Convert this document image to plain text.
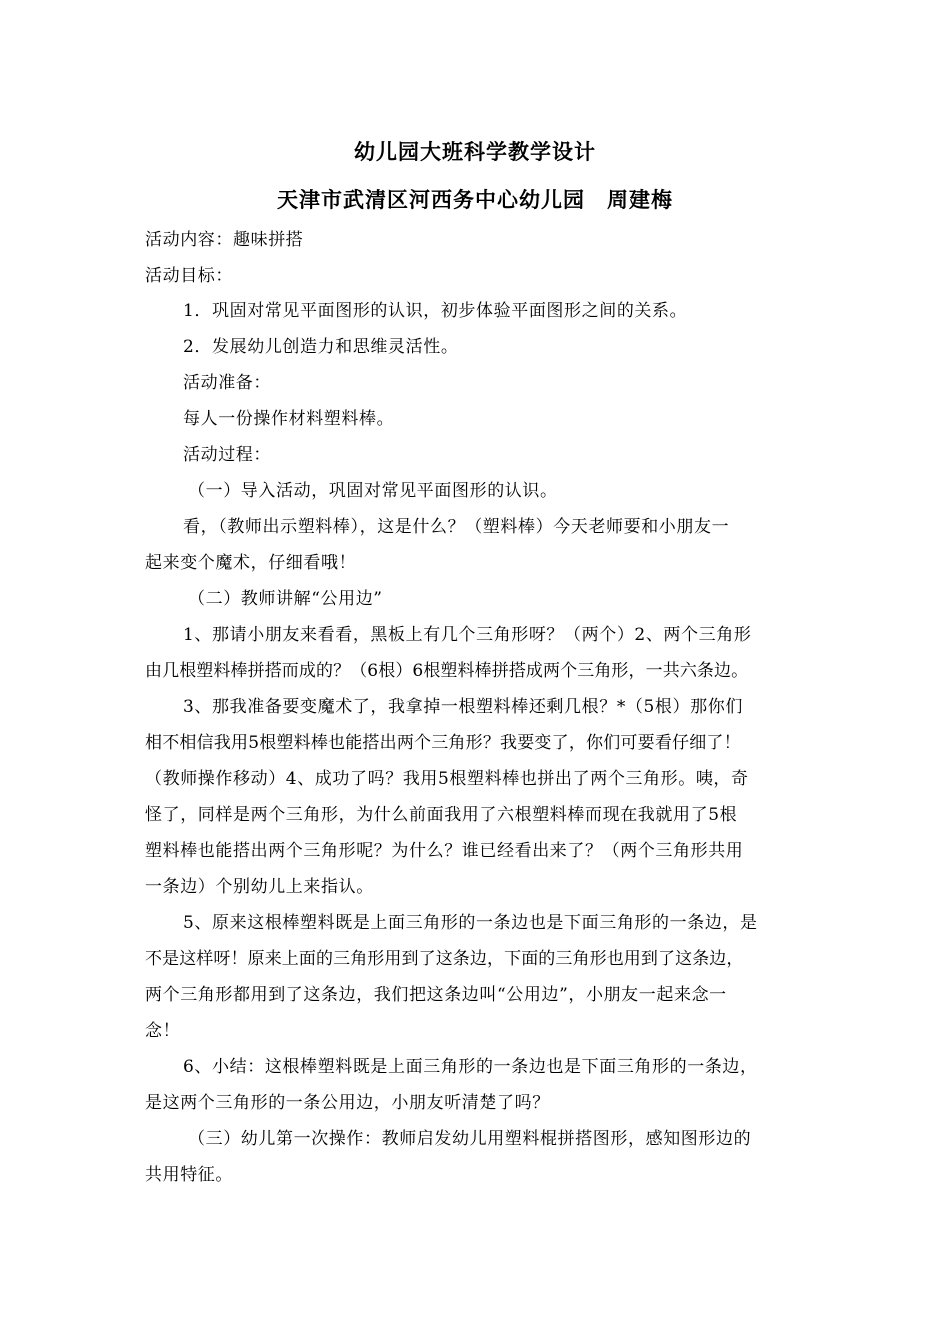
幼儿园大班科学教学设计
天津市武清区河西务中心幼儿园　周建梅
活动内容：趣味拼搭
活动目标：
1．巩固对常见平面图形的认识，初步体验平面图形之间的关系。
2．发展幼儿创造力和思维灵活性。
活动准备：
每人一份操作材料塑料棒。
活动过程：
（一）导入活动，巩固对常见平面图形的认识。
看，（教师出示塑料棒），这是什么？（塑料棒）今天老师要和小朋友一
起来变个魔术，仔细看哦！
（二）教师讲解“公用边”
1、那请小朋友来看看，黑板上有几个三角形呀？（两个）2、两个三角形
由几根塑料棒拼搭而成的？（6根）6根塑料棒拼搭成两个三角形，一共六条边。
3、那我准备要变魔术了，我拿掉一根塑料棒还剩几根？*（5根）那你们
相不相信我用5根塑料棒也能搭出两个三角形？我要变了，你们可要看仔细了！
（教师操作移动）4、成功了吗？我用5根塑料棒也拼出了两个三角形。咦，奇
怪了，同样是两个三角形，为什么前面我用了六根塑料棒而现在我就用了5根
塑料棒也能搭出两个三角形呢？为什么？谁已经看出来了？（两个三角形共用
一条边）个别幼儿上来指认。
5、原来这根棒塑料既是上面三角形的一条边也是下面三角形的一条边，是
不是这样呀！原来上面的三角形用到了这条边，下面的三角形也用到了这条边，
两个三角形都用到了这条边，我们把这条边叫“公用边”，小朋友一起来念一
念！
6、小结：这根棒塑料既是上面三角形的一条边也是下面三角形的一条边，
是这两个三角形的一条公用边，小朋友听清楚了吗？
（三）幼儿第一次操作：教师启发幼儿用塑料棍拼搭图形，感知图形边的
共用特征。
